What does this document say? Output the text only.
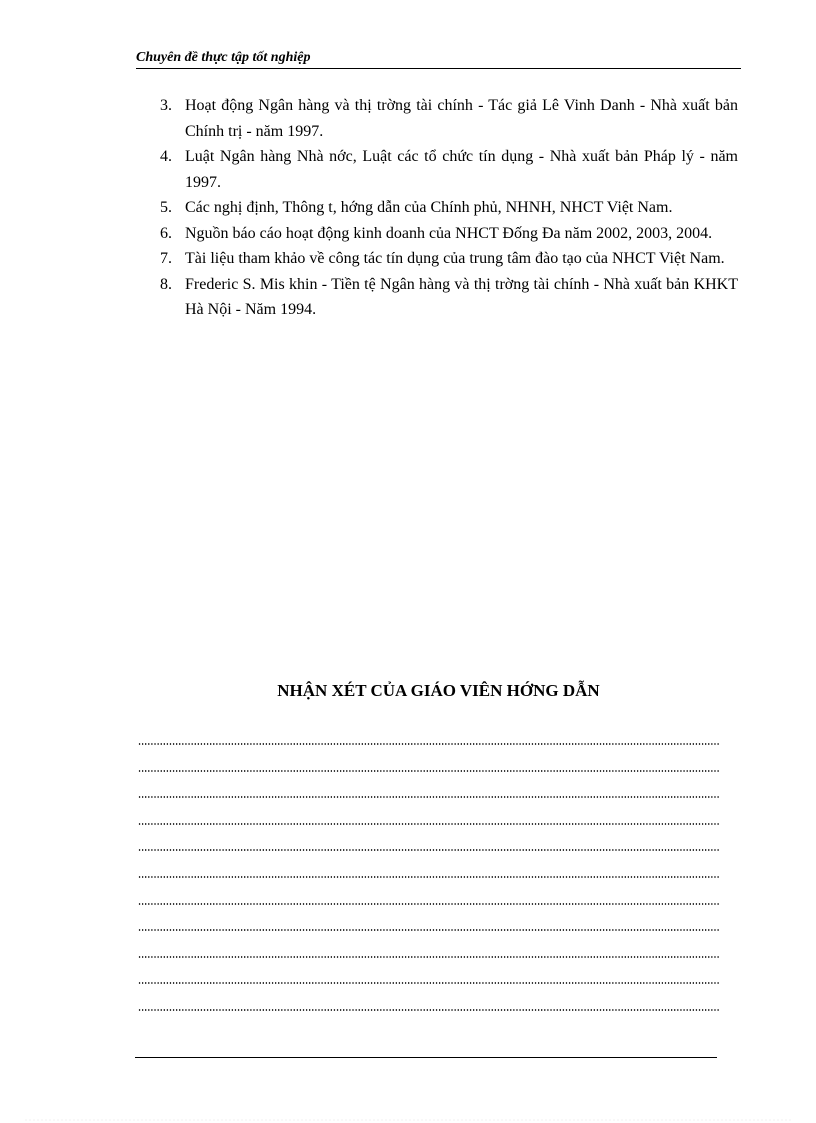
Chuyên đề thực tập tốt nghiệp
3. Hoạt động Ngân hàng và thị trờng tài chính - Tác giả Lê Vinh Danh - Nhà xuất bản Chính trị - năm 1997.
4. Luật Ngân hàng Nhà nớc, Luật các tổ chức tín dụng - Nhà xuất bản Pháp lý - năm 1997.
5. Các nghị định, Thông t, hớng dẫn của Chính phủ, NHNH, NHCT Việt Nam.
6. Nguồn báo cáo hoạt động kinh doanh của NHCT Đống Đa năm 2002, 2003, 2004.
7. Tài liệu tham khảo về công tác tín dụng của trung tâm đào tạo của NHCT Việt Nam.
8. Frederic S. Mis khin - Tiền tệ Ngân hàng và thị trờng tài chính - Nhà xuất bản KHKT Hà Nội - Năm 1994.
NHẬN XÉT CỦA GIÁO VIÊN HỚNG DẪN
